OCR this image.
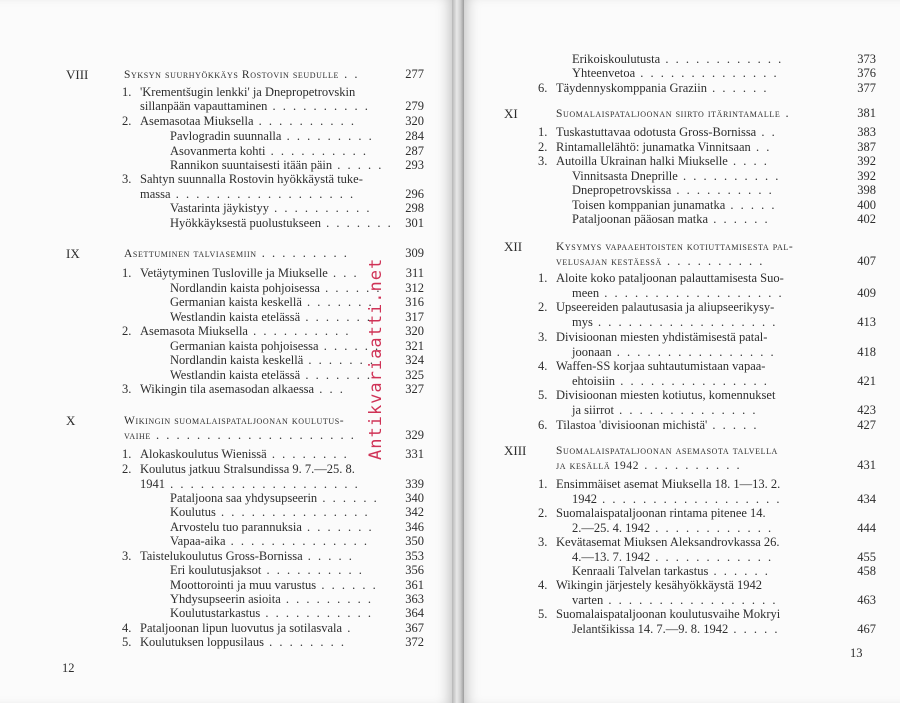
VIII	Syksyn suurhyökkäys Rostovin seudulle . .	277
1. 'Krementšugin lenkki' ja Dnepropetrovskin
sillanpään vapauttaminen . . . . . . . . . .	279
2. Asemasotaa Miuksella . . . . . . . . . .	320
Pavlogradin suunnalla . . . . . . . . .	284
Asovanmerta kohti . . . . . . . . . .	287
Rannikon suuntaisesti itään päin . . . . . 293
3. Sahtyn suunnalla Rostovin hyökkäystä tuke-
massa . . . . . . . . . . . . . . . . . .	296
Vastarinta jäykistyy . . . . . . . . . .	298
Hyökkäyksestä puolustukseen . . . . . . . 301
IX	Asettuminen talviasemiin . . . . . . . . .	309
1. Vetäytyminen Tusloville ja Miukselle . . .	311
Nordlandin kaista pohjoisessa . . . . . . 312
Germanian kaista keskellä . . . . . . .	316
Westlandin kaista etelässä . . . . . . .	317
2. Asemasota Miuksella . . . . . . . . . .	320
Germanian kaista pohjoisessa . . . . . . 321
Nordlandin kaista keskellä . . . . . . . 324
Westlandin kaista etelässä . . . . . . .	325
3. Wikingin tila asemasodan alkaessa . . .	327
X	Wikingin suomalaispataljoonan koulutus-
vaihe . . . . . . . . . . . . . . . . . . . .	329
1. Alokaskoulutus Wienissä . . . . . . . .	331
2. Koulutus jatkuu Stralsundissa 9. 7.—25. 8.
1941 . . . . . . . . . . . . . . . . . . .	339
Pataljoona saa yhdysupseerin . . . . . . 340
Koulutus . . . . . . . . . . . . . . .	342
Arvostelu tuo parannuksia . . . . . . .	346
Vapaa-aika . . . . . . . . . . . . . .	350
3. Taistelukoulutus Gross-Bornissa . . . . .	353
Eri koulutusjaksot . . . . . . . . . .	356
Moottorointi ja muu varustus . . . . . . 361
Yhdysupseerin asioita . . . . . . . . .	363
Koulutustarkastus . . . . . . . . . . .	364
4. Pataljoonan lipun luovutus ja sotilasvala .	367
5. Koulutuksen loppusilaus . . . . . . . .	372
12
Antikvariaatti.net
Erikoiskoulutusta . . . . . . . . . . . .	373
Yhteenvetoa . . . . . . . . . . . . . .	376
6. Täydennyskomppania Graziin . . . . . .	377
XI	Suomalaispataljoonan siirto itärintamalle .	381
1. Tuskastuttavaa odotusta Gross-Bornissa . .	383
2. Rintamallelähtö: junamatka Vinnitsaan . .	387
3. Autoilla Ukrainan halki Miukselle . . . .	392
Vinnitsasta Dneprille . . . . . . . . . .	392
Dnepropetrovskissa . . . . . . . . . .	398
Toisen komppanian junamatka . . . . .	400
Pataljoonan pääosan matka . . . . . .	402
XII	Kysymys vapaaehtoisten kotiuttamisesta pal-
velusajan kestäessä . . . . . . . . . .	407
1. Aloite koko pataljoonan palauttamisesta Suo-
meen . . . . . . . . . . . . . . . . . .	409
2. Upseereiden palautusasia ja aliupseerikysy-
mys . . . . . . . . . . . . . . . . . .	413
3. Divisioonan miesten yhdistämisestä patal-
joonaan . . . . . . . . . . . . . . . .	418
4. Waffen-SS korjaa suhtautumistaan vapaa-
ehtoisiin . . . . . . . . . . . . . . .	421
5. Divisioonan miesten kotiutus, komennukset
ja siirrot . . . . . . . . . . . . . .	423
6. Tilastoa 'divisioonan michistä' . . . . .	427
XIII	Suomalaispataljoonan asemasota talvella
ja kesällä 1942 . . . . . . . . . .	431
1. Ensimmäiset asemat Miuksella 18. 1—13. 2.
1942 . . . . . . . . . . . . . . . . . .	434
2. Suomalaispataljoonan rintama pitenee 14.
2.—25. 4. 1942 . . . . . . . . . . . .	444
3. Kevätasemat Miuksen Aleksandrovkassa 26.
4.—13. 7. 1942 . . . . . . . . . . . .	455
Kenraali Talvelan tarkastus . . . . . .	458
4. Wikingin järjestely kesähyökkäystä 1942
varten . . . . . . . . . . . . . . . . .	463
5. Suomalaispataljoonan koulutusvaihe Mokryi
Jelantšikissa 14. 7.—9. 8. 1942 . . . . .	467
13
